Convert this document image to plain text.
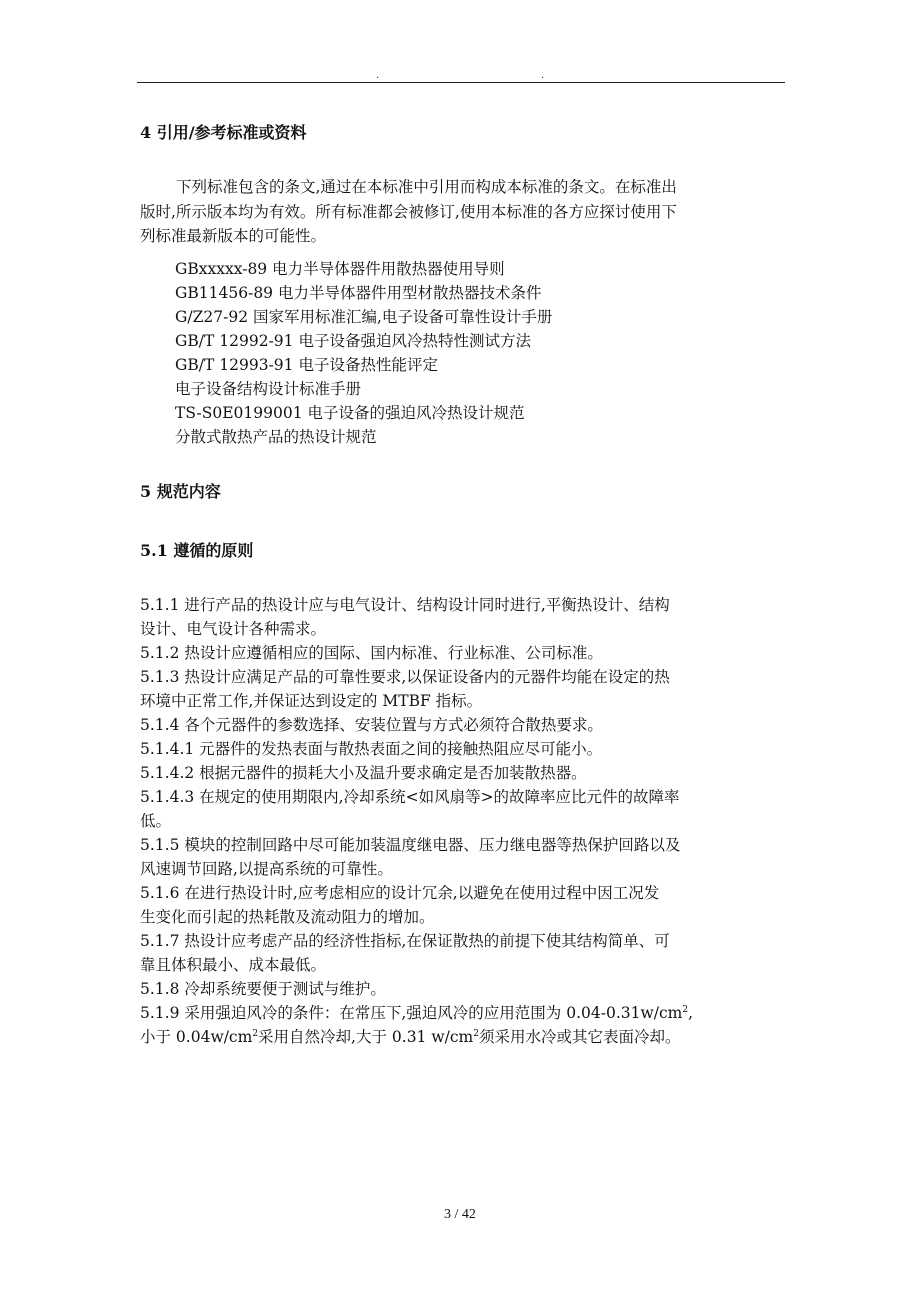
.	.
4 引用/参考标准或资料
下列标准包含的条文,通过在本标准中引用而构成本标准的条文。在标准出
版时,所示版本均为有效。所有标准都会被修订,使用本标准的各方应探讨使用下
列标准最新版本的可能性。
GBxxxxx-89 电力半导体器件用散热器使用导则
GB11456-89 电力半导体器件用型材散热器技术条件
G/Z27-92 国家军用标准汇编,电子设备可靠性设计手册
GB/T 12992-91 电子设备强迫风冷热特性测试方法
GB/T 12993-91 电子设备热性能评定
电子设备结构设计标准手册
TS-S0E0199001 电子设备的强迫风冷热设计规范
分散式散热产品的热设计规范
5 规范内容
5.1 遵循的原则
5.1.1 进行产品的热设计应与电气设计、结构设计同时进行,平衡热设计、结构
设计、电气设计各种需求。
5.1.2 热设计应遵循相应的国际、国内标准、行业标准、公司标准。
5.1.3 热设计应满足产品的可靠性要求,以保证设备内的元器件均能在设定的热
环境中正常工作,并保证达到设定的 MTBF 指标。
5.1.4 各个元器件的参数选择、安装位置与方式必须符合散热要求。
5.1.4.1 元器件的发热表面与散热表面之间的接触热阻应尽可能小。
5.1.4.2 根据元器件的损耗大小及温升要求确定是否加装散热器。
5.1.4.3 在规定的使用期限内,冷却系统<如风扇等>的故障率应比元件的故障率
低。
5.1.5 模块的控制回路中尽可能加装温度继电器、压力继电器等热保护回路以及
风速调节回路,以提高系统的可靠性。
5.1.6 在进行热设计时,应考虑相应的设计冗余,以避免在使用过程中因工况发
生变化而引起的热耗散及流动阻力的增加。
5.1.7 热设计应考虑产品的经济性指标,在保证散热的前提下使其结构简单、可
靠且体积最小、成本最低。
5.1.8 冷却系统要便于测试与维护。
5.1.9 采用强迫风冷的条件：在常压下,强迫风冷的应用范围为 $0.04-0.31w/cm^2$,
小于 $0.04w/cm^2$采用自然冷却,大于 0.31 $w/cm^2$须采用水冷或其它表面冷却。
3 / 42
